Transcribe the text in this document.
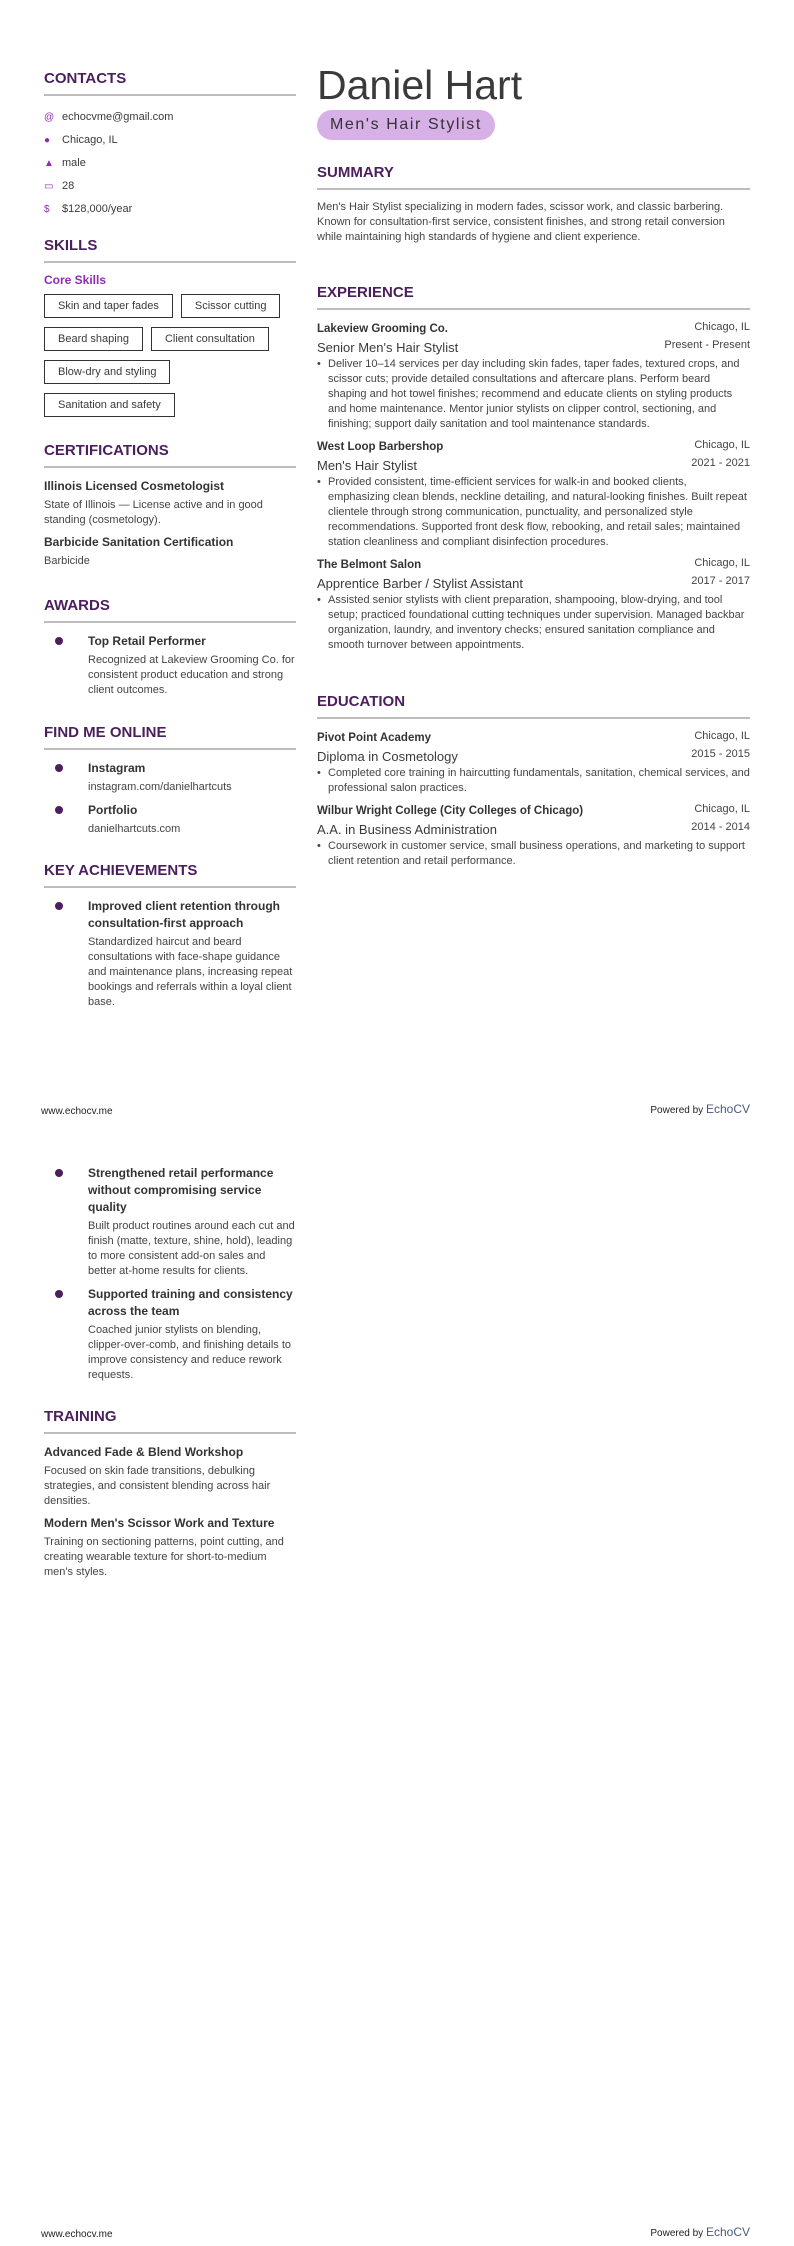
CONTACTS
@ echocvme@gmail.com
●	Chicago, IL
▲ male
▭ 28
$	$128,000/year
SKILLS
Core Skills
Skin and taper fades	Scissor cutting
Beard shaping	Client consultation
Blow-dry and styling
Sanitation and safety
CERTIFICATIONS
Illinois Licensed Cosmetologist
State of Illinois — License active and in good standing (cosmetology).
Barbicide Sanitation Certification
Barbicide
AWARDS
Top Retail Performer
Recognized at Lakeview Grooming Co. for consistent product education and strong client outcomes.
FIND ME ONLINE
Instagram
instagram.com/danielhartcuts
Portfolio
danielhartcuts.com
KEY ACHIEVEMENTS
Improved client retention through consultation-first approach
Standardized haircut and beard consultations with face-shape guidance and maintenance plans, increasing repeat bookings and referrals within a loyal client base.
www.echocv.me	Powered by EchoCV
Strengthened retail performance without compromising service quality
Built product routines around each cut and finish (matte, texture, shine, hold), leading to more consistent add-on sales and better at-home results for clients.
Supported training and consistency across the team
Coached junior stylists on blending, clipper-over-comb, and finishing details to improve consistency and reduce rework requests.
TRAINING
Advanced Fade & Blend Workshop
Focused on skin fade transitions, debulking strategies, and consistent blending across hair densities.
Modern Men's Scissor Work and Texture
Training on sectioning patterns, point cutting, and creating wearable texture for short-to-medium men's styles.
www.echocv.me	Powered by EchoCV
Daniel Hart
Men's Hair Stylist
SUMMARY

Men's Hair Stylist specializing in modern fades, scissor work, and classic barbering. Known for consultation-first service, consistent finishes, and strong retail conversion while maintaining high standards of hygiene and client experience.

EXPERIENCE
Lakeview Grooming Co.	Chicago, IL
Senior Men's Hair Stylist	Present - Present
• Deliver 10–14 services per day including skin fades, taper fades, textured crops, and scissor cuts; provide detailed consultations and aftercare plans. Perform beard shaping and hot towel finishes; recommend and educate clients on styling products and home maintenance. Mentor junior stylists on clipper control, sectioning, and finishing; support daily sanitation and tool maintenance standards.
West Loop Barbershop	Chicago, IL
Men's Hair Stylist	2021 - 2021
• Provided consistent, time-efficient services for walk-in and booked clients, emphasizing clean blends, neckline detailing, and natural-looking finishes. Built repeat clientele through strong communication, punctuality, and personalized style recommendations. Supported front desk flow, rebooking, and retail sales; maintained station cleanliness and compliant disinfection procedures.
The Belmont Salon	Chicago, IL
Apprentice Barber / Stylist Assistant	2017 - 2017
• Assisted senior stylists with client preparation, shampooing, blow-drying, and tool setup; practiced foundational cutting techniques under supervision. Managed backbar organization, laundry, and inventory checks; ensured sanitation compliance and smooth turnover between appointments.
EDUCATION
Pivot Point Academy	Chicago, IL
Diploma in Cosmetology	2015 - 2015
• Completed core training in haircutting fundamentals, sanitation, chemical services, and professional salon practices.
Wilbur Wright College (City Colleges of Chicago)	Chicago, IL
A.A. in Business Administration	2014 - 2014
• Coursework in customer service, small business operations, and marketing to support client retention and retail performance.
